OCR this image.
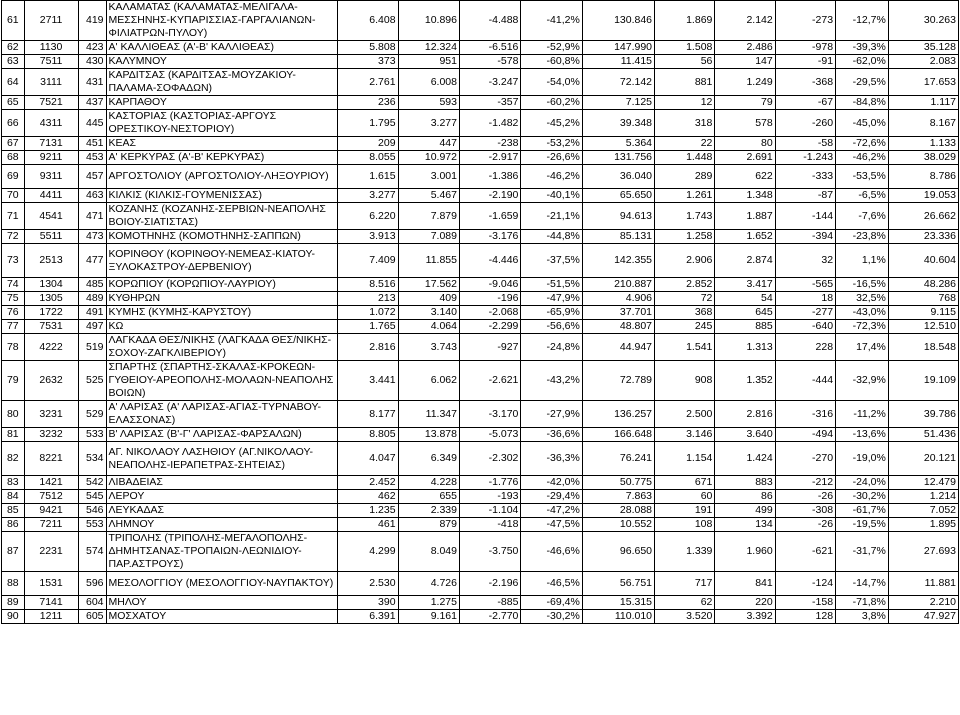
61	2711	419	ΚΑΛΑΜΑΤΑΣ (ΚΑΛΑΜΑΤΑΣ-ΜΕΛΙΓΑΛΑ-ΜΕΣΣΗΝΗΣ-ΚΥΠΑΡΙΣΣΙΑΣ-ΓΑΡΓΑΛΙΑΝΩΝ-ΦΙΛΙΑΤΡΩΝ-ΠΥΛΟΥ)	6.408	10.896	-4.488	-41,2%	130.846	1.869	2.142	-273	-12,7%	30.263
62	1130	423	Α' ΚΑΛΛΙΘΕΑΣ (Α'-Β' ΚΑΛΛΙΘΕΑΣ)	5.808	12.324	-6.516	-52,9%	147.990	1.508	2.486	-978	-39,3%	35.128
63	7511	430	ΚΑΛΥΜΝΟΥ	373	951	-578	-60,8%	11.415	56	147	-91	-62,0%	2.083
64	3111	431	ΚΑΡΔΙΤΣΑΣ (ΚΑΡΔΙΤΣΑΣ-ΜΟΥΖΑΚΙΟΥ-ΠΑΛΑΜΑ-ΣΟΦΑΔΩΝ)	2.761	6.008	-3.247	-54,0%	72.142	881	1.249	-368	-29,5%	17.653
65	7521	437	ΚΑΡΠΑΘΟΥ	236	593	-357	-60,2%	7.125	12	79	-67	-84,8%	1.117
66	4311	445	ΚΑΣΤΟΡΙΑΣ (ΚΑΣΤΟΡΙΑΣ-ΑΡΓΟΥΣ ΟΡΕΣΤΙΚΟΥ-ΝΕΣΤΟΡΙΟΥ)	1.795	3.277	-1.482	-45,2%	39.348	318	578	-260	-45,0%	8.167
67	7131	451	ΚΕΑΣ	209	447	-238	-53,2%	5.364	22	80	-58	-72,6%	1.133
68	9211	453	Α' ΚΕΡΚΥΡΑΣ (Α'-Β' ΚΕΡΚΥΡΑΣ)	8.055	10.972	-2.917	-26,6%	131.756	1.448	2.691	-1.243	-46,2%	38.029
69	9311	457	ΑΡΓΟΣΤΟΛΙΟΥ (ΑΡΓΟΣΤΟΛΙΟΥ-ΛΗΞΟΥΡΙΟΥ)	1.615	3.001	-1.386	-46,2%	36.040	289	622	-333	-53,5%	8.786
70	4411	463	ΚΙΛΚΙΣ (ΚΙΛΚΙΣ-ΓΟΥΜΕΝΙΣΣΑΣ)	3.277	5.467	-2.190	-40,1%	65.650	1.261	1.348	-87	-6,5%	19.053
71	4541	471	ΚΟΖΑΝΗΣ (ΚΟΖΑΝΗΣ-ΣΕΡΒΙΩΝ-ΝΕΑΠΟΛΗΣ ΒΟΙΟΥ-ΣΙΑΤΙΣΤΑΣ)	6.220	7.879	-1.659	-21,1%	94.613	1.743	1.887	-144	-7,6%	26.662
72	5511	473	ΚΟΜΟΤΗΝΗΣ (ΚΟΜΟΤΗΝΗΣ-ΣΑΠΠΩΝ)	3.913	7.089	-3.176	-44,8%	85.131	1.258	1.652	-394	-23,8%	23.336
73	2513	477	ΚΟΡΙΝΘΟΥ (ΚΟΡΙΝΘΟΥ-ΝΕΜΕΑΣ-ΚΙΑΤΟΥ-ΞΥΛΟΚΑΣΤΡΟΥ-ΔΕΡΒΕΝΙΟΥ)	7.409	11.855	-4.446	-37,5%	142.355	2.906	2.874	32	1,1%	40.604
74	1304	485	ΚΟΡΩΠΙΟΥ (ΚΟΡΩΠΙΟΥ-ΛΑΥΡΙΟΥ)	8.516	17.562	-9.046	-51,5%	210.887	2.852	3.417	-565	-16,5%	48.286
75	1305	489	ΚΥΘΗΡΩΝ	213	409	-196	-47,9%	4.906	72	54	18	32,5%	768
76	1722	491	ΚΥΜΗΣ (ΚΥΜΗΣ-ΚΑΡΥΣΤΟΥ)	1.072	3.140	-2.068	-65,9%	37.701	368	645	-277	-43,0%	9.115
77	7531	497	ΚΩ	1.765	4.064	-2.299	-56,6%	48.807	245	885	-640	-72,3%	12.510
78	4222	519	ΛΑΓΚΑΔΑ ΘΕΣ/ΝΙΚΗΣ (ΛΑΓΚΑΔΑ ΘΕΣ/ΝΙΚΗΣ-ΣΟΧΟΥ-ΖΑΓΚΛΙΒΕΡΙΟΥ)	2.816	3.743	-927	-24,8%	44.947	1.541	1.313	228	17,4%	18.548
79	2632	525	ΣΠΑΡΤΗΣ (ΣΠΑΡΤΗΣ-ΣΚΑΛΑΣ-ΚΡΟΚΕΩΝ-ΓΥΘΕΙΟΥ-ΑΡΕΟΠΟΛΗΣ-ΜΟΛΑΩΝ-ΝΕΑΠΟΛΗΣ ΒΟΙΩΝ)	3.441	6.062	-2.621	-43,2%	72.789	908	1.352	-444	-32,9%	19.109
80	3231	529	Α' ΛΑΡΙΣΑΣ (Α' ΛΑΡΙΣΑΣ-ΑΓΙΑΣ-ΤΥΡΝΑΒΟΥ-ΕΛΑΣΣΟΝΑΣ)	8.177	11.347	-3.170	-27,9%	136.257	2.500	2.816	-316	-11,2%	39.786
81	3232	533	Β' ΛΑΡΙΣΑΣ (Β'-Γ' ΛΑΡΙΣΑΣ-ΦΑΡΣΑΛΩΝ)	8.805	13.878	-5.073	-36,6%	166.648	3.146	3.640	-494	-13,6%	51.436
82	8221	534	ΑΓ. ΝΙΚΟΛΑΟΥ ΛΑΣΗΘΙΟΥ (ΑΓ.ΝΙΚΟΛΑΟΥ-ΝΕΑΠΟΛΗΣ-ΙΕΡΑΠΕΤΡΑΣ-ΣΗΤΕΙΑΣ)	4.047	6.349	-2.302	-36,3%	76.241	1.154	1.424	-270	-19,0%	20.121
83	1421	542	ΛΙΒΑΔΕΙΑΣ	2.452	4.228	-1.776	-42,0%	50.775	671	883	-212	-24,0%	12.479
84	7512	545	ΛΕΡΟΥ	462	655	-193	-29,4%	7.863	60	86	-26	-30,2%	1.214
85	9421	546	ΛΕΥΚΑΔΑΣ	1.235	2.339	-1.104	-47,2%	28.088	191	499	-308	-61,7%	7.052
86	7211	553	ΛΗΜΝΟΥ	461	879	-418	-47,5%	10.552	108	134	-26	-19,5%	1.895
87	2231	574	ΤΡΙΠΟΛΗΣ (ΤΡΙΠΟΛΗΣ-ΜΕΓΑΛΟΠΟΛΗΣ-ΔΗΜΗΤΣΑΝΑΣ-ΤΡΟΠΑΙΩΝ-ΛΕΩΝΙΔΙΟΥ-ΠΑΡ.ΑΣΤΡΟΥΣ)	4.299	8.049	-3.750	-46,6%	96.650	1.339	1.960	-621	-31,7%	27.693
88	1531	596	ΜΕΣΟΛΟΓΓΙΟΥ (ΜΕΣΟΛΟΓΓΙΟΥ-ΝΑΥΠΑΚΤΟΥ)	2.530	4.726	-2.196	-46,5%	56.751	717	841	-124	-14,7%	11.881
89	7141	604	ΜΗΛΟΥ	390	1.275	-885	-69,4%	15.315	62	220	-158	-71,8%	2.210
90	1211	605	ΜΟΣΧΑΤΟΥ	6.391	9.161	-2.770	-30,2%	110.010	3.520	3.392	128	3,8%	47.927
